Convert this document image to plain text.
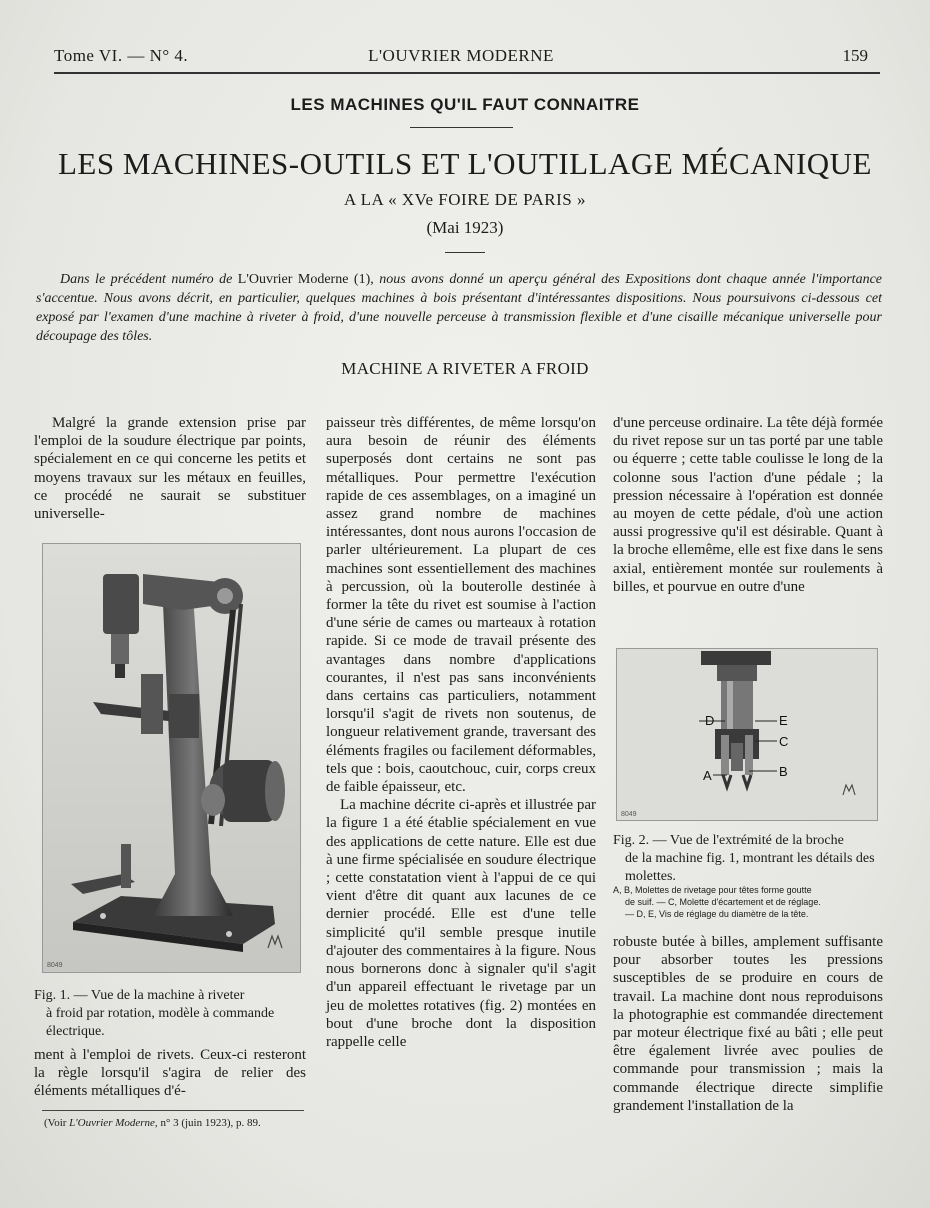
Tome VI. — N° 4.	L'OUVRIER MODERNE	159
LES MACHINES QU'IL FAUT CONNAITRE
LES MACHINES-OUTILS ET L'OUTILLAGE MÉCANIQUE
A LA « XVe FOIRE DE PARIS »
(Mai 1923)
Dans le précédent numéro de L'Ouvrier Moderne (1), nous avons donné un aperçu général des Expositions dont chaque année l'importance s'accentue. Nous avons décrit, en particulier, quelques machines à bois présentant d'intéressantes dispositions. Nous poursuivons ci-dessous cet exposé par l'examen d'une machine à riveter à froid, d'une nouvelle perceuse à transmission flexible et d'une cisaille mécanique universelle pour découpage des tôles.
MACHINE A RIVETER A FROID

Malgré la grande extension prise par l'emploi de la soudure électrique par points, spécialement en ce qui concerne les petits et moyens travaux sur les métaux en feuilles, ce procédé ne saurait se substituer universelle-

8049
Fig. 1. — Vue de la machine à riveter
à froid par rotation, modèle à commande électrique.

ment à l'emploi de rivets. Ceux-ci resteront la règle lorsqu'il s'agira de relier des éléments métalliques d'é-

(Voir L'Ouvrier Moderne, n° 3 (juin 1923), p. 89.

paisseur très différentes, de même lorsqu'on aura besoin de réunir des éléments superposés dont certains ne sont pas métalliques. Pour permettre l'exécution rapide de ces assemblages, on a imaginé un assez grand nombre de machines intéressantes, dont nous aurons l'occasion de parler ultérieurement. La plupart de ces machines sont essentiellement des machines à percussion, où la bouterolle destinée à former la tête du rivet est soumise à l'action d'une série de cames ou marteaux à rotation rapide. Si ce mode de travail présente des avantages dans nombre d'applications courantes, il n'est pas sans inconvénients dans certains cas particuliers, notamment lorsqu'il s'agit de rivets non soutenus, de longueur relativement grande, traversant des éléments fragiles ou facilement déformables, tels que : bois, caoutchouc, cuir, corps creux de faible épaisseur, etc.

La machine décrite ci-après et illustrée par la figure 1 a été établie spécialement en vue des applications de cette nature. Elle est due à une firme spécialisée en soudure électrique ; cette constatation vient à l'appui de ce qui vient d'être dit quant aux lacunes de ce dernier procédé. Elle est d'une telle simplicité qu'il semble presque inutile d'ajouter des commentaires à la figure. Nous nous bornerons donc à signaler qu'il s'agit d'un appareil effectuant le rivetage par un jeu de molettes rotatives (fig. 2) montées en bout d'une broche dont la disposition rappelle celle

d'une perceuse ordinaire. La tête déjà formée du rivet repose sur un tas porté par une table ou équerre ; cette table coulisse le long de la colonne sous l'action d'une pédale ; la pression nécessaire à l'opération est donnée au moyen de cette pédale, d'où une action aussi progressive qu'il est désirable. Quant à la broche ellemême, elle est fixe dans le sens axial, entièrement montée sur roulements à billes, et pourvue en outre d'une

D	E
C
A	B
8049
Fig. 2. — Vue de l'extrémité de la broche
de la machine fig. 1, montrant les détails des molettes.
A, B, Molettes de rivetage pour têtes forme goutte
de suif. — C, Molette d'écartement et de réglage.
— D, E, Vis de réglage du diamètre de la tête.

robuste butée à billes, amplement suffisante pour absorber toutes les pressions susceptibles de se produire en cours de travail. La machine dont nous reproduisons la photographie est commandée directement par moteur électrique fixé au bâti ; elle peut être également livrée avec poulies de commande pour transmission ; mais la commande électrique directe simplifie grandement l'installation de la
